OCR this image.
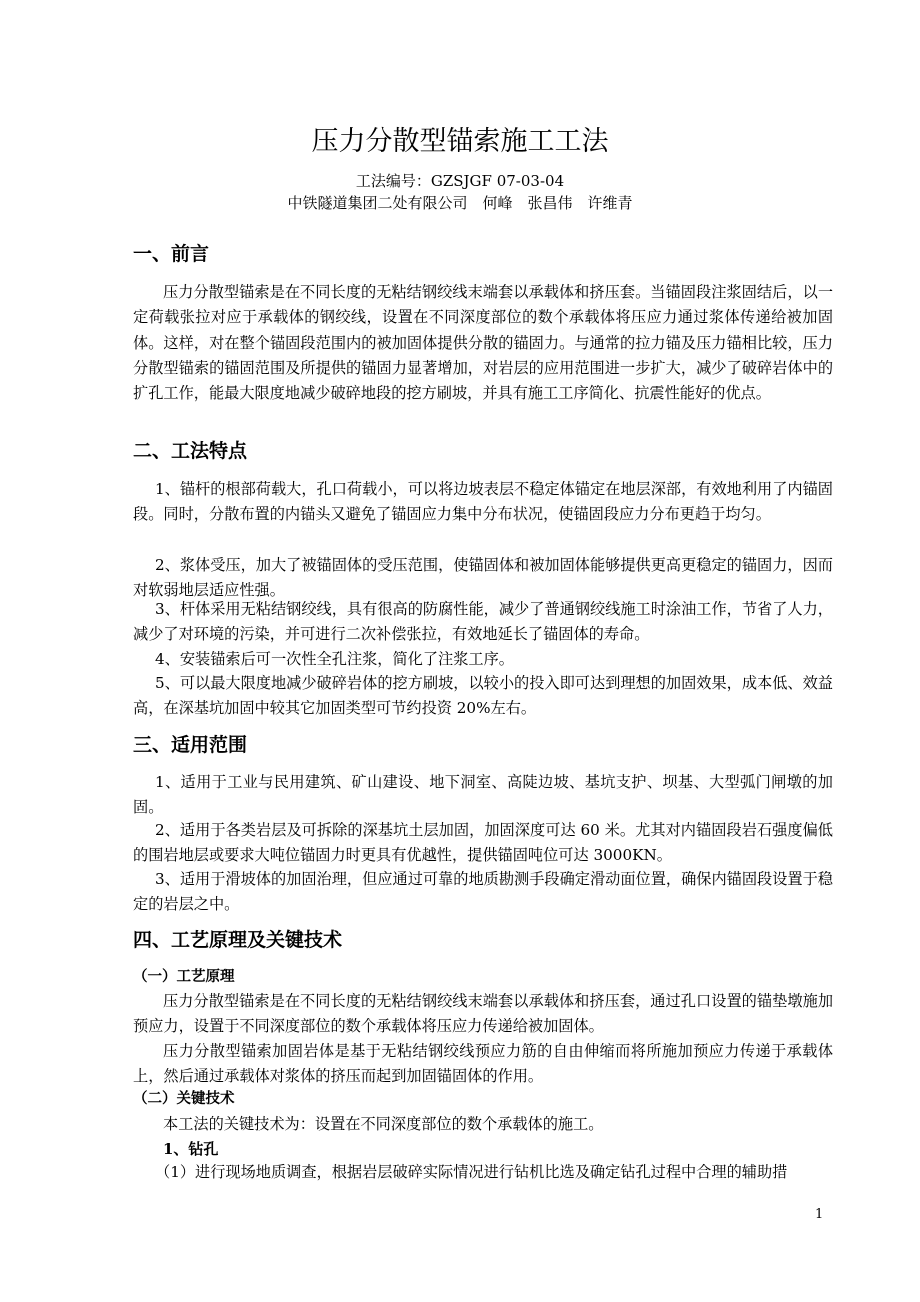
压力分散型锚索施工工法

工法编号：GZSJGF 07-03-04

中铁隧道集团二处有限公司　何峰　张昌伟　许维青

一、前言

压力分散型锚索是在不同长度的无粘结钢绞线末端套以承载体和挤压套。当锚固段注浆固结后，以一定荷载张拉对应于承载体的钢绞线，设置在不同深度部位的数个承载体将压应力通过浆体传递给被加固体。这样，对在整个锚固段范围内的被加固体提供分散的锚固力。与通常的拉力锚及压力锚相比较，压力分散型锚索的锚固范围及所提供的锚固力显著增加，对岩层的应用范围进一步扩大，减少了破碎岩体中的扩孔工作，能最大限度地减少破碎地段的挖方刷坡，并具有施工工序简化、抗震性能好的优点。

二、工法特点

1、锚杆的根部荷载大，孔口荷载小，可以将边坡表层不稳定体锚定在地层深部，有效地利用了内锚固段。同时，分散布置的内锚头又避免了锚固应力集中分布状况，使锚固段应力分布更趋于均匀。

2、浆体受压，加大了被锚固体的受压范围，使锚固体和被加固体能够提供更高更稳定的锚固力，因而对软弱地层适应性强。

3、杆体采用无粘结钢绞线，具有很高的防腐性能，减少了普通钢绞线施工时涂油工作，节省了人力，减少了对环境的污染，并可进行二次补偿张拉，有效地延长了锚固体的寿命。

4、安装锚索后可一次性全孔注浆，简化了注浆工序。

5、可以最大限度地减少破碎岩体的挖方刷坡，以较小的投入即可达到理想的加固效果，成本低、效益高，在深基坑加固中较其它加固类型可节约投资 20%左右。

三、适用范围

1、适用于工业与民用建筑、矿山建设、地下洞室、高陡边坡、基坑支护、坝基、大型弧门闸墩的加固。

2、适用于各类岩层及可拆除的深基坑土层加固，加固深度可达 60 米。尤其对内锚固段岩石强度偏低的围岩地层或要求大吨位锚固力时更具有优越性，提供锚固吨位可达 3000KN。

3、适用于滑坡体的加固治理，但应通过可靠的地质勘测手段确定滑动面位置，确保内锚固段设置于稳定的岩层之中。

四、工艺原理及关键技术
（一）工艺原理

压力分散型锚索是在不同长度的无粘结钢绞线末端套以承载体和挤压套，通过孔口设置的锚垫墩施加预应力，设置于不同深度部位的数个承载体将压应力传递给被加固体。

压力分散型锚索加固岩体是基于无粘结钢绞线预应力筋的自由伸缩而将所施加预应力传递于承载体上，然后通过承载体对浆体的挤压而起到加固锚固体的作用。

（二）关键技术

本工法的关键技术为：设置在不同深度部位的数个承载体的施工。

1、钻孔

（1）进行现场地质调查，根据岩层破碎实际情况进行钻机比选及确定钻孔过程中合理的辅助措

1
